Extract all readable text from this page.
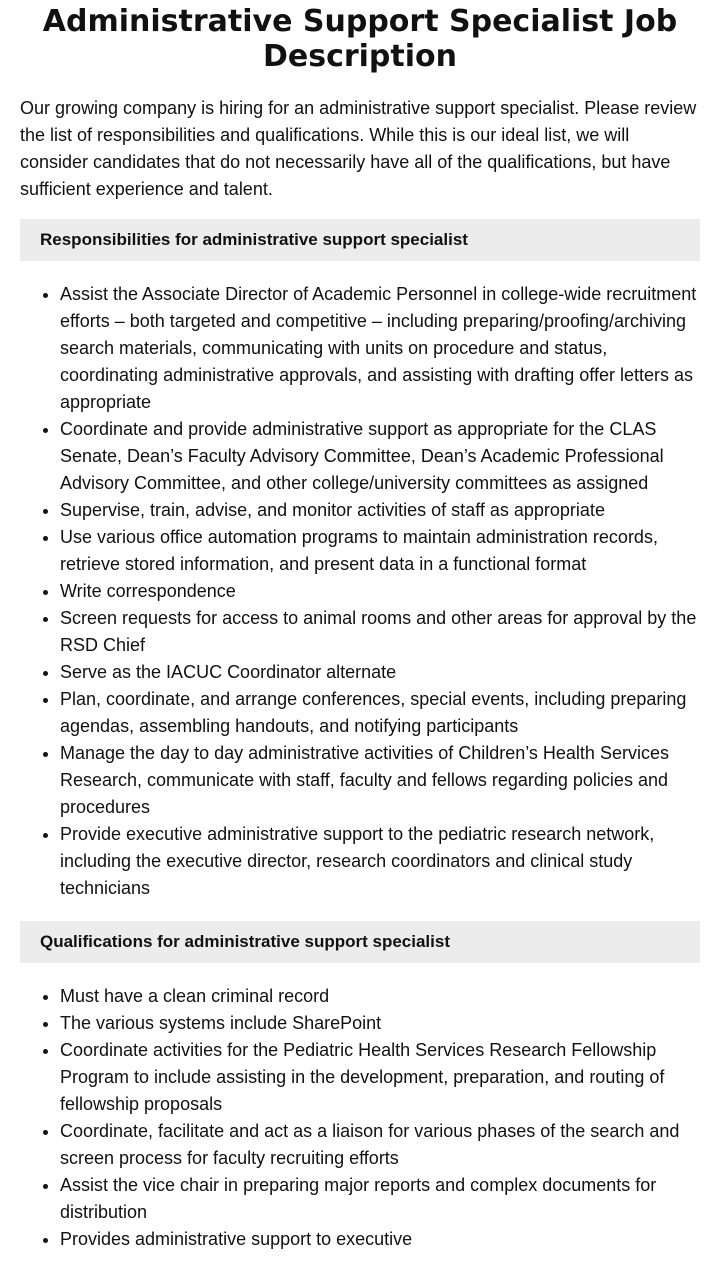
Administrative Support Specialist Job Description

Our growing company is hiring for an administrative support specialist. Please review the list of responsibilities and qualifications. While this is our ideal list, we will consider candidates that do not necessarily have all of the qualifications, but have sufficient experience and talent.

Responsibilities for administrative support specialist
• Assist the Associate Director of Academic Personnel in college-wide recruitment efforts – both targeted and competitive – including preparing/proofing/archiving search materials, communicating with units on procedure and status, coordinating administrative approvals, and assisting with drafting offer letters as appropriate
• Coordinate and provide administrative support as appropriate for the CLAS Senate, Dean’s Faculty Advisory Committee, Dean’s Academic Professional Advisory Committee, and other college/university committees as assigned
• Supervise, train, advise, and monitor activities of staff as appropriate
• Use various office automation programs to maintain administration records, retrieve stored information, and present data in a functional format
• Write correspondence
• Screen requests for access to animal rooms and other areas for approval by the RSD Chief
• Serve as the IACUC Coordinator alternate
• Plan, coordinate, and arrange conferences, special events, including preparing agendas, assembling handouts, and notifying participants
• Manage the day to day administrative activities of Children’s Health Services Research, communicate with staff, faculty and fellows regarding policies and procedures
• Provide executive administrative support to the pediatric research network, including the executive director, research coordinators and clinical study technicians
Qualifications for administrative support specialist
• Must have a clean criminal record
• The various systems include SharePoint
• Coordinate activities for the Pediatric Health Services Research Fellowship Program to include assisting in the development, preparation, and routing of fellowship proposals
• Coordinate, facilitate and act as a liaison for various phases of the search and screen process for faculty recruiting efforts
• Assist the vice chair in preparing major reports and complex documents for distribution
• Provides administrative support to executive
